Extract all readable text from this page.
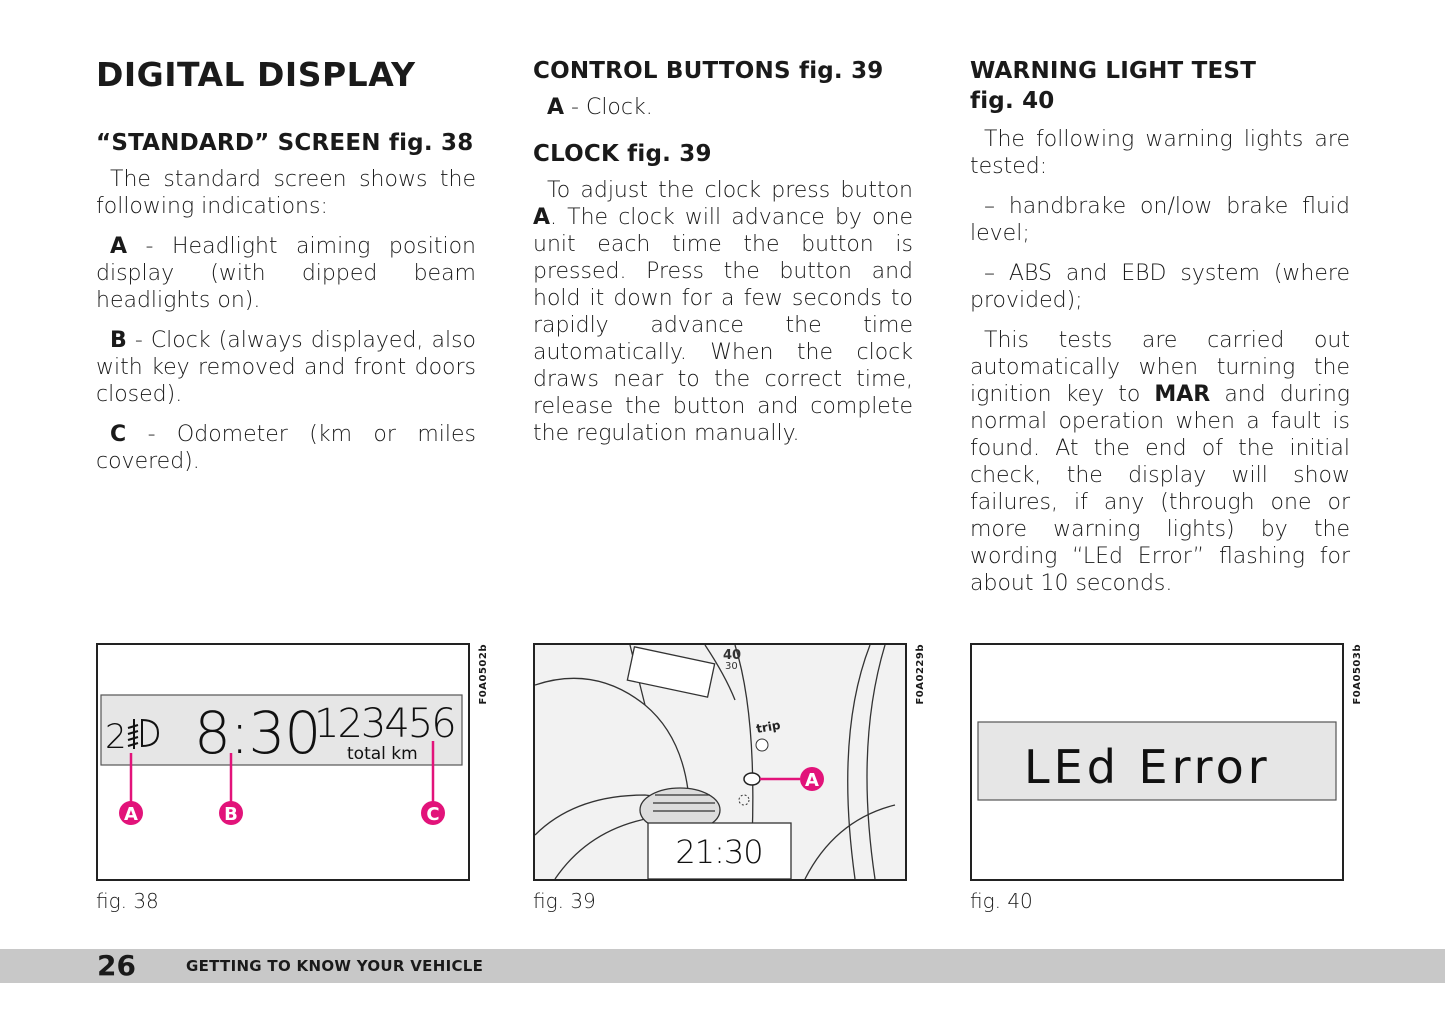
DIGITAL DISPLAY
“STANDARD” SCREEN fig. 38

The standard screen shows the following indications:

A - Headlight aiming position display (with dipped beam headlights on).

B - Clock (always displayed, also with key removed and front doors closed).

C - Odometer (km or miles covered).

CONTROL BUTTONS fig. 39

A - Clock.

CLOCK fig. 39

To adjust the clock press button A. The clock will advance by one unit each time the button is pressed. Press the button and hold it down for a few seconds to rapidly advance the time automatically. When the clock draws near to the correct time, release the button and complete the regulation manually.

WARNING LIGHT TEST
fig. 40

The following warning lights are tested:

– handbrake on/low brake fluid level;

– ABS and EBD system (where provided);

This tests are carried out automatically when turning the ignition key to MAR and during normal operation when a fault is found. At the end of the initial check, the display will show failures, if any (through one or more warning lights) by the wording “LEd Error” flashing for about 10 seconds.

2 8:30
123456
total km
A	B	C
F0A0502b
fig. 38
40
30
trip
A
21:30
F0A0229b
fig. 39
LEd Error
F0A0503b
fig. 40
26	GETTING TO KNOW YOUR VEHICLE
